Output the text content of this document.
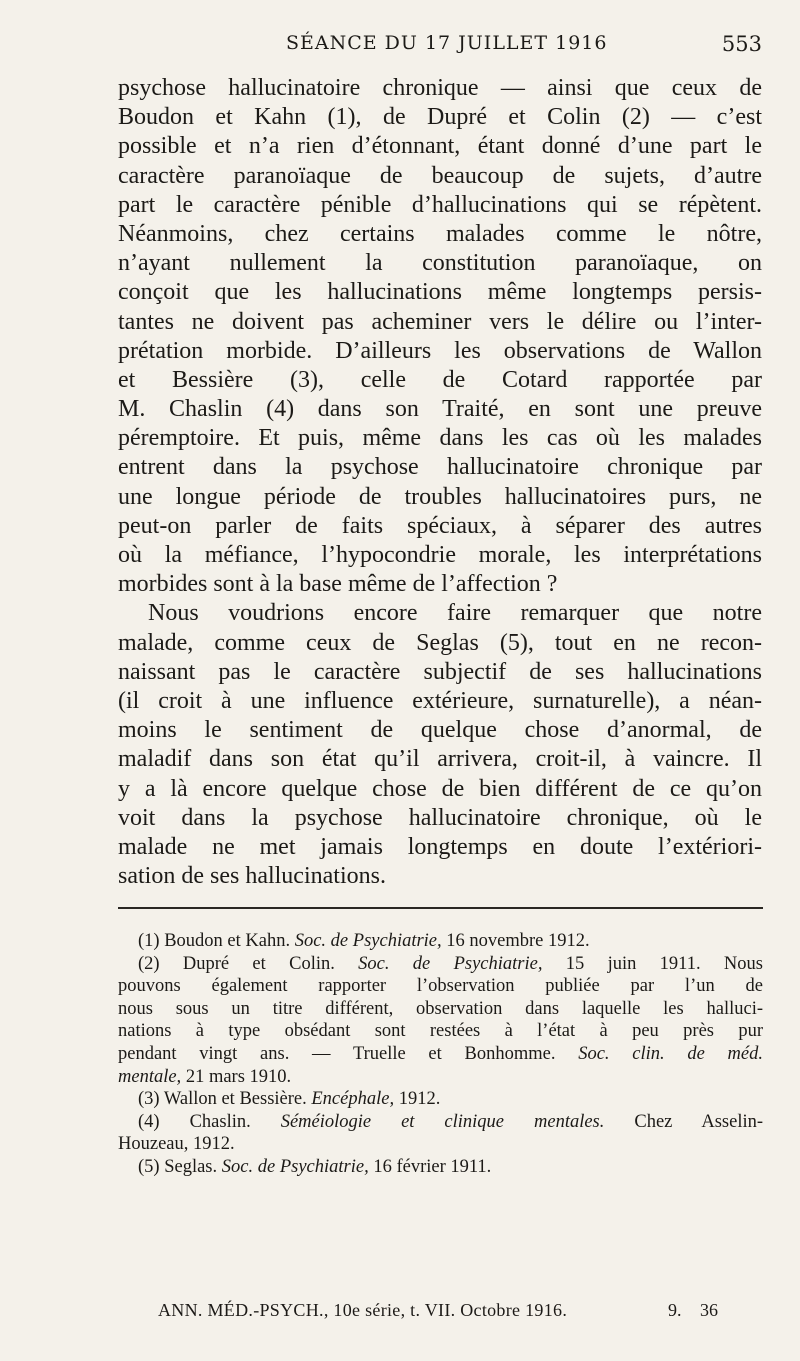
SÉANCE DU 17 JUILLET 1916	553
psychose hallucinatoire chronique — ainsi que ceux de
Boudon et Kahn (1), de Dupré et Colin (2) — c’est
possible et n’a rien d’étonnant, étant donné d’une part le
caractère paranoïaque de beaucoup de sujets, d’autre
part le caractère pénible d’hallucinations qui se répètent.
Néanmoins, chez certains malades comme le nôtre,
n’ayant nullement la constitution paranoïaque, on
conçoit que les hallucinations même longtemps persis-
tantes ne doivent pas acheminer vers le délire ou l’inter-
prétation morbide. D’ailleurs les observations de Wallon
et Bessière (3), celle de Cotard rapportée par
M. Chaslin (4) dans son Traité, en sont une preuve
péremptoire. Et puis, même dans les cas où les malades
entrent dans la psychose hallucinatoire chronique par
une longue période de troubles hallucinatoires purs, ne
peut-on parler de faits spéciaux, à séparer des autres
où la méfiance, l’hypocondrie morale, les interprétations
morbides sont à la base même de l’affection ?
Nous voudrions encore faire remarquer que notre
malade, comme ceux de Seglas (5), tout en ne recon-
naissant pas le caractère subjectif de ses hallucinations
(il croit à une influence extérieure, surnaturelle), a néan-
moins le sentiment de quelque chose d’anormal, de
maladif dans son état qu’il arrivera, croit-il, à vaincre. Il
y a là encore quelque chose de bien différent de ce qu’on
voit dans la psychose hallucinatoire chronique, où le
malade ne met jamais longtemps en doute l’extériori-
sation de ses hallucinations.
(1) Boudon et Kahn. Soc. de Psychiatrie, 16 novembre 1912.
(2) Dupré et Colin. Soc. de Psychiatrie, 15 juin 1911. Nous
pouvons également rapporter l’observation publiée par l’un de
nous sous un titre différent, observation dans laquelle les halluci-
nations à type obsédant sont restées à l’état à peu près pur
pendant vingt ans. — Truelle et Bonhomme. Soc. clin. de méd.
mentale, 21 mars 1910.
(3) Wallon et Bessière. Encéphale, 1912.
(4) Chaslin. Séméiologie et clinique mentales. Chez Asselin-
Houzeau, 1912.
(5) Seglas. Soc. de Psychiatrie, 16 février 1911.
ANN. MÉD.-PSYCH., 10e série, t. VII. Octobre 1916.	9. 36
